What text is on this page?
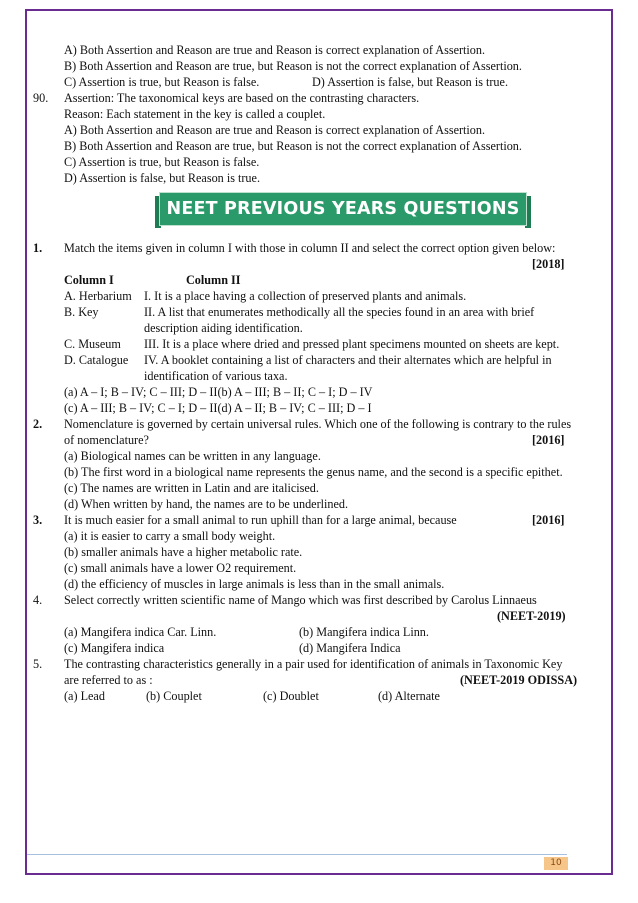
A) Both Assertion and Reason are true and Reason is correct explanation of Assertion.
B) Both Assertion and Reason are true, but Reason is not the correct explanation of Assertion.
C) Assertion is true, but Reason is false.	D) Assertion is false, but Reason is true.
90. Assertion: The taxonomical keys are based on the contrasting characters.
Reason: Each statement in the key is called a couplet.
A) Both Assertion and Reason are true and Reason is correct explanation of Assertion.
B) Both Assertion and Reason are true, but Reason is not the correct explanation of Assertion.
C) Assertion is true, but Reason is false.
D) Assertion is false, but Reason is true.
NEET PREVIOUS YEARS QUESTIONS
1. Match the items given in column I with those in column II and select the correct option given below:
[2018]
Column I	Column II
A. Herbarium I. It is a place having a collection of preserved plants and animals.
B. Key	II. A list that enumerates methodically all the species found in an area with brief
description aiding identification.
C. Museum III. It is a place where dried and pressed plant specimens mounted on sheets are kept.
D. Catalogue IV. A booklet containing a list of characters and their alternates which are helpful in
identification of various taxa.
(a) A – I; B – IV; C – III; D – II(b) A – III; B – II; C – I; D – IV
(c) A – III; B – IV; C – I; D – II(d) A – II; B – IV; C – III; D – I
2. Nomenclature is governed by certain universal rules. Which one of the following is contrary to the rules
of nomenclature?	[2016]
(a) Biological names can be written in any language.
(b) The first word in a biological name represents the genus name, and the second is a specific epithet.
(c) The names are written in Latin and are italicised.
(d) When written by hand, the names are to be underlined.
3. It is much easier for a small animal to run uphill than for a large animal, because	[2016]
(a) it is easier to carry a small body weight.
(b) smaller animals have a higher metabolic rate.
(c) small animals have a lower O2 requirement.
(d) the efficiency of muscles in large animals is less than in the small animals.
4. Select correctly written scientific name of Mango which was first described by Carolus Linnaeus
(NEET-2019)
(a) Mangifera indica Car. Linn.	(b) Mangifera indica Linn.
(c) Mangifera indica	(d) Mangifera Indica
5. The contrasting characteristics generally in a pair used for identification of animals in Taxonomic Key
are referred to as :	(NEET-2019 ODISSA)
(a) Lead	(b) Couplet	(c) Doublet	(d) Alternate
10
